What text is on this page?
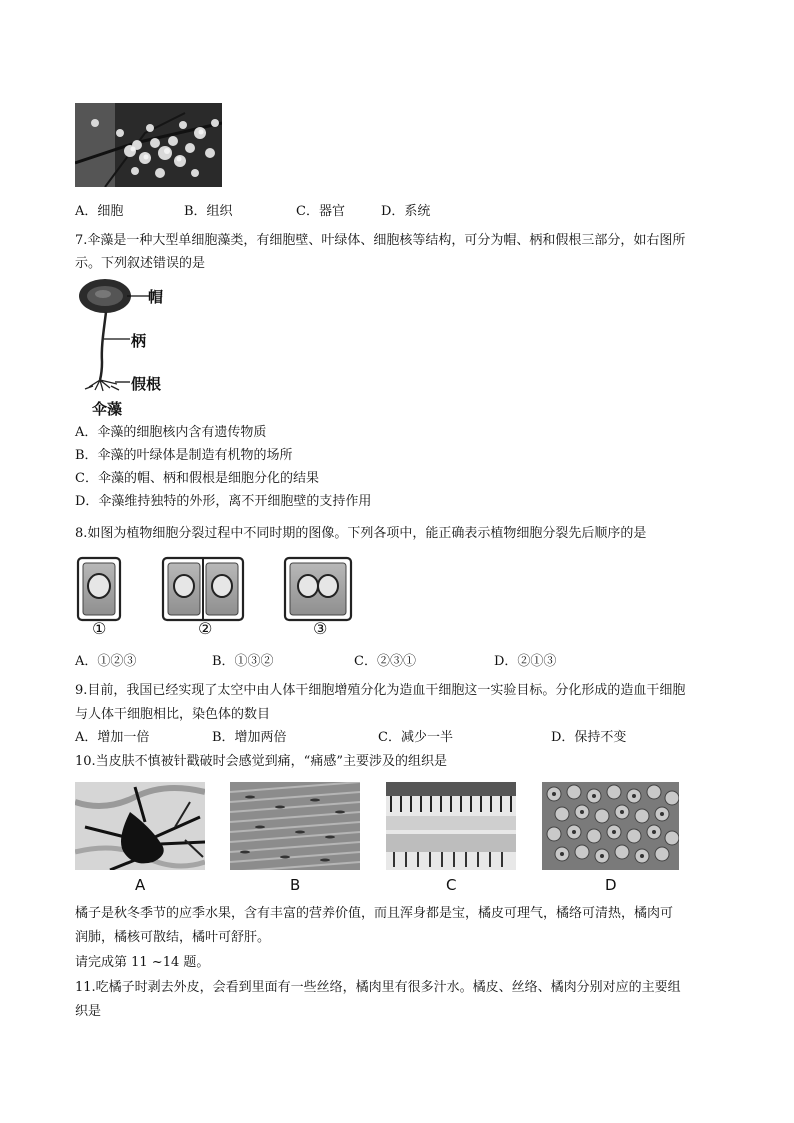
A．细胞	B．组织	C．器官	D．系统
7.伞藻是一种大型单细胞藻类，有细胞壁、叶绿体、细胞核等结构，可分为帽、柄和假根三部分，如右图所
示。下列叙述错误的是
帽
柄
假根
伞藻
A．伞藻的细胞核内含有遗传物质
B．伞藻的叶绿体是制造有机物的场所
C．伞藻的帽、柄和假根是细胞分化的结果
D．伞藻维持独特的外形，离不开细胞壁的支持作用
8.如图为植物细胞分裂过程中不同时期的图像。下列各项中，能正确表示植物细胞分裂先后顺序的是
①	②	③
A．①②③	B．①③②	C．②③①	D．②①③
9.目前，我国已经实现了太空中由人体干细胞增殖分化为造血干细胞这一实验目标。分化形成的造血干细胞
与人体干细胞相比，染色体的数目
A．增加一倍	B．增加两倍	C．减少一半	D．保持不变
10.当皮肤不慎被针戳破时会感觉到痛，“痛感”主要涉及的组织是
A	B	C	D
橘子是秋冬季节的应季水果，含有丰富的营养价值，而且浑身都是宝，橘皮可理气，橘络可清热，橘肉可
润肺，橘核可散结，橘叶可舒肝。
请完成第 11 ~14 题。
11.吃橘子时剥去外皮，会看到里面有一些丝络，橘肉里有很多汁水。橘皮、丝络、橘肉分别对应的主要组
织是
